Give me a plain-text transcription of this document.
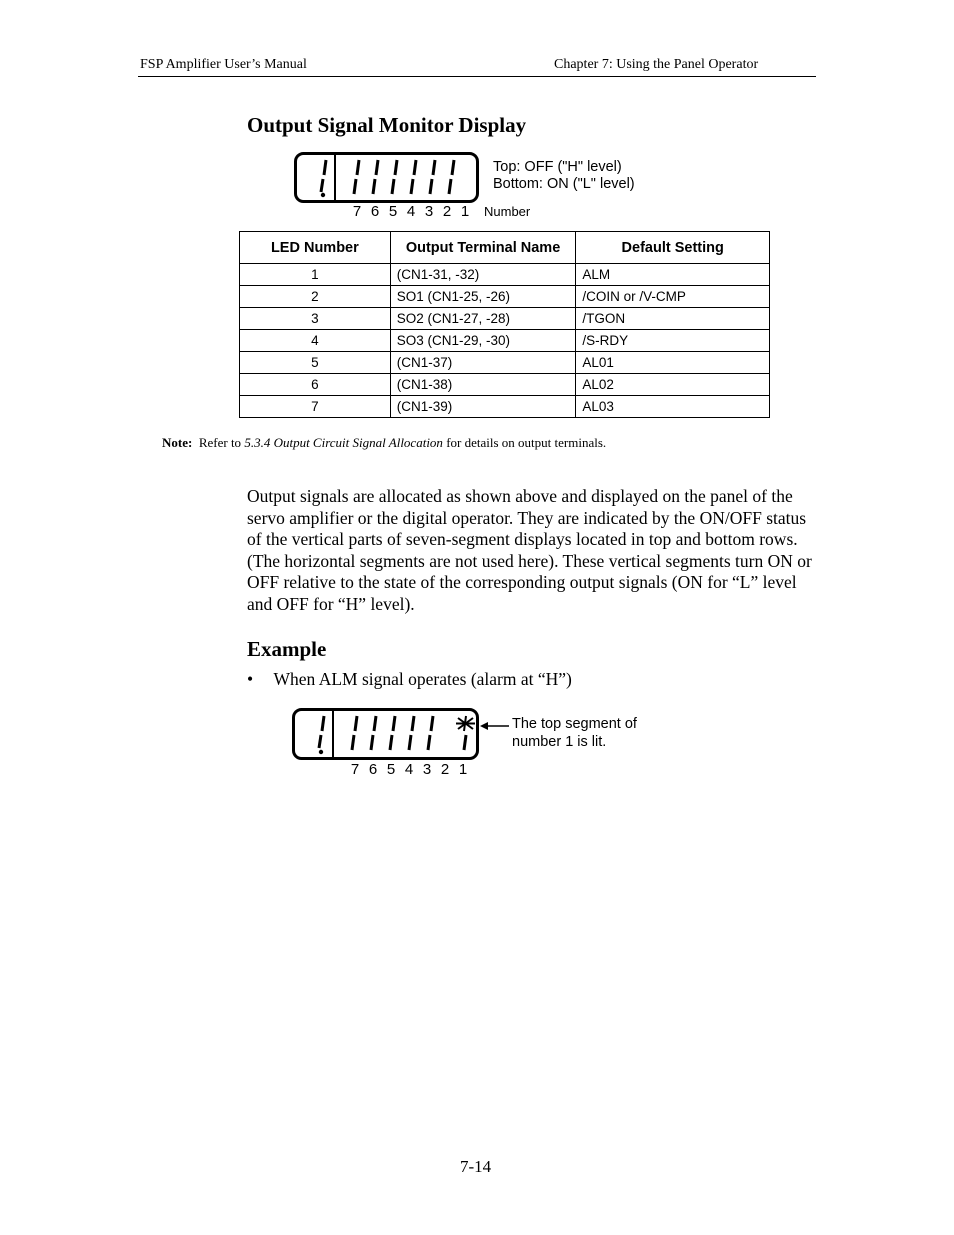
FSP Amplifier User’s Manual	Chapter 7: Using the Panel Operator
Output Signal Monitor Display
Top: OFF ("H" level)
Bottom: ON ("L" level)
7 6 5 4 3 2 1	Number
LED Number	Output Terminal Name	Default Setting
1	(CN1-31, -32)	ALM
2	SO1 (CN1-25, -26)	/COIN or /V-CMP
3	SO2 (CN1-27, -28)	/TGON
4	SO3 (CN1-29, -30)	/S-RDY
5	(CN1-37)	AL01
6	(CN1-38)	AL02
7	(CN1-39)	AL03
Note: Refer to 5.3.4 Output Circuit Signal Allocation for details on output terminals.
Output signals are allocated as shown above and displayed on the panel of the servo amplifier or the digital operator. They are indicated by the ON/OFF status of the vertical parts of seven-segment displays located in top and bottom rows. (The horizontal segments are not used here). These vertical segments turn ON or OFF relative to the state of the corresponding output signals (ON for “L” level and OFF for “H” level).
Example
• When ALM signal operates (alarm at “H”)
The top segment of
number 1 is lit.
7 6 5 4 3 2 1
7-14
